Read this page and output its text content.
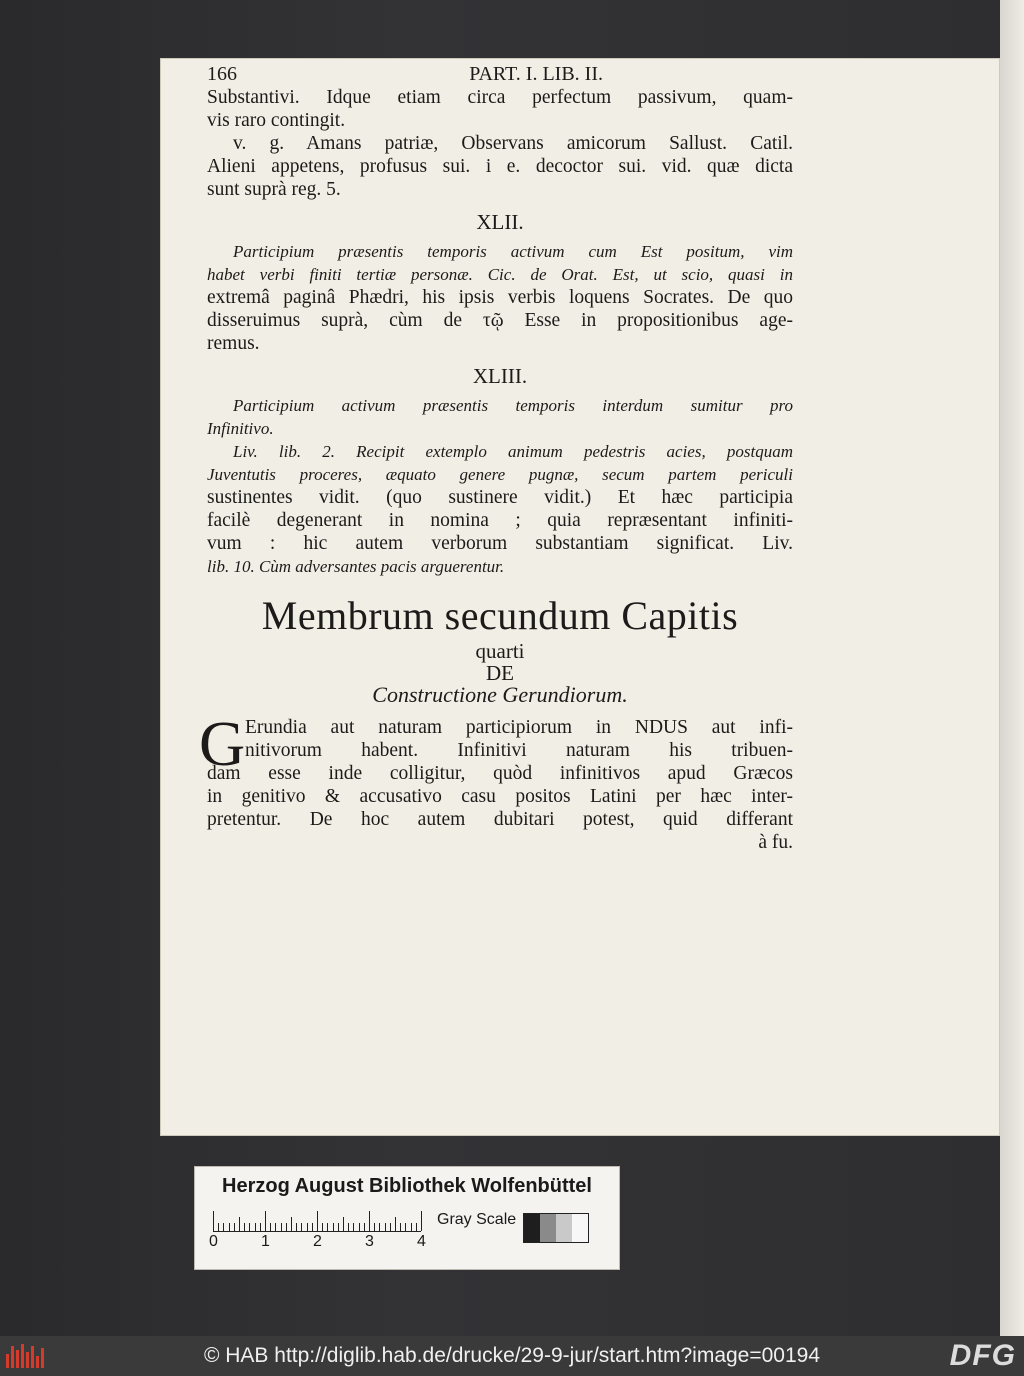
166	PART. I. LIB. II.

Substantivi. Idque etiam circa perfectum passivum, quam-

vis raro contingit.

v. g. Amans patriæ, Observans amicorum Sallust. Catil.

Alieni appetens, profusus sui. i e. decoctor sui. vid. quæ dicta

sunt suprà reg. 5.

XLII.

Participium præsentis temporis activum cum Est positum, vim

habet verbi finiti tertiæ personæ. Cic. de Orat. Est, ut scio, quasi in

extremâ paginâ Phædri, his ipsis verbis loquens Socrates. De quo

disseruimus suprà, cùm de τῷ Esse in propositionibus age-

remus.

XLIII.

Participium activum præsentis temporis interdum sumitur pro

Infinitivo.

Liv. lib. 2. Recipit extemplo animum pedestris acies, postquam

Juventutis proceres, æquato genere pugnæ, secum partem periculi

sustinentes vidit. (quo sustinere vidit.) Et hæc participia

facilè degenerant in nomina ; quia repræsentant infiniti-

vum : hic autem verborum substantiam significat. Liv.

lib. 10. Cùm adversantes pacis arguerentur.

Membrum secundum Capitis

quarti

DE

Constructione Gerundiorum.

G Erundia aut naturam participiorum in NDUS aut infi-

nitivorum habent. Infinitivi naturam his tribuen-

dam esse inde colligitur, quòd infinitivos apud Græcos

in genitivo & accusativo casu positos Latini per hæc inter-

pretentur. De hoc autem dubitari potest, quid differant

à fu.

Herzog August Bibliothek Wolfenbüttel
0	1	2	3	4
Gray Scale
© HAB http://diglib.hab.de/drucke/29-9-jur/start.htm?image=00194	DFG
